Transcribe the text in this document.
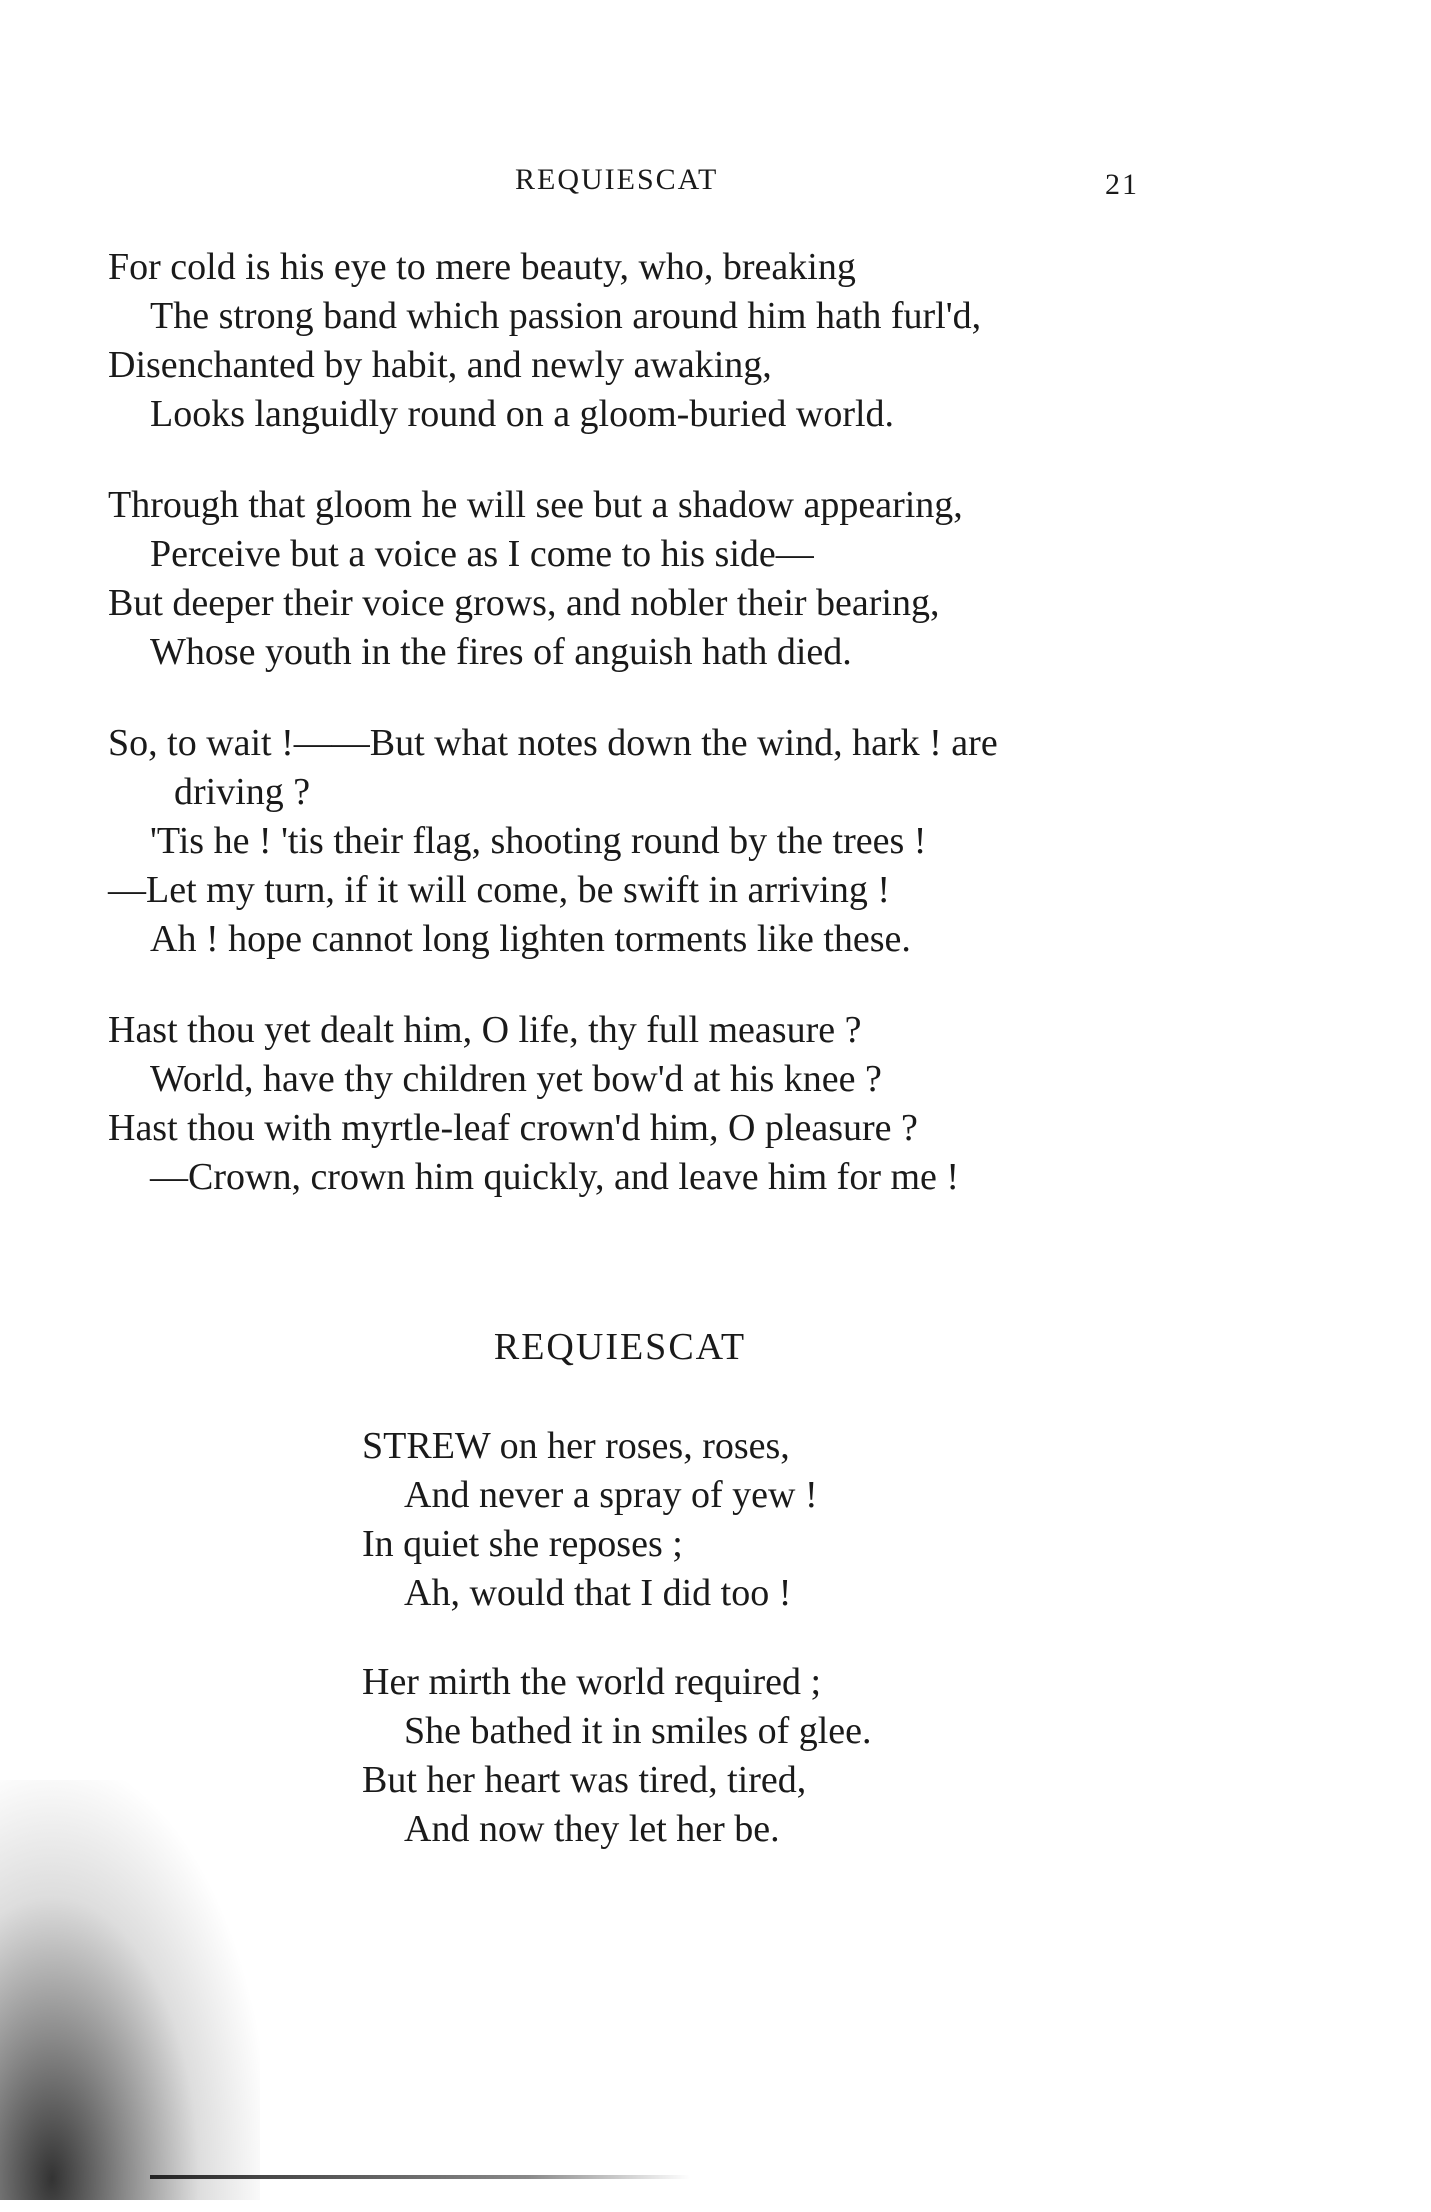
REQUIESCAT	21
For cold is his eye to mere beauty, who, breaking
The strong band which passion around him hath furl'd,
Disenchanted by habit, and newly awaking,
Looks languidly round on a gloom-buried world.
Through that gloom he will see but a shadow appearing,
Perceive but a voice as I come to his side—
But deeper their voice grows, and nobler their bearing,
Whose youth in the fires of anguish hath died.
So, to wait !——But what notes down the wind, hark ! are
driving ?
'Tis he ! 'tis their flag, shooting round by the trees !
—Let my turn, if it will come, be swift in arriving !
Ah ! hope cannot long lighten torments like these.
Hast thou yet dealt him, O life, thy full measure ?
World, have thy children yet bow'd at his knee ?
Hast thou with myrtle-leaf crown'd him, O pleasure ?
—Crown, crown him quickly, and leave him for me !
REQUIESCAT
STREW on her roses, roses,
And never a spray of yew !
In quiet she reposes ;
Ah, would that I did too !
Her mirth the world required ;
She bathed it in smiles of glee.
But her heart was tired, tired,
And now they let her be.
